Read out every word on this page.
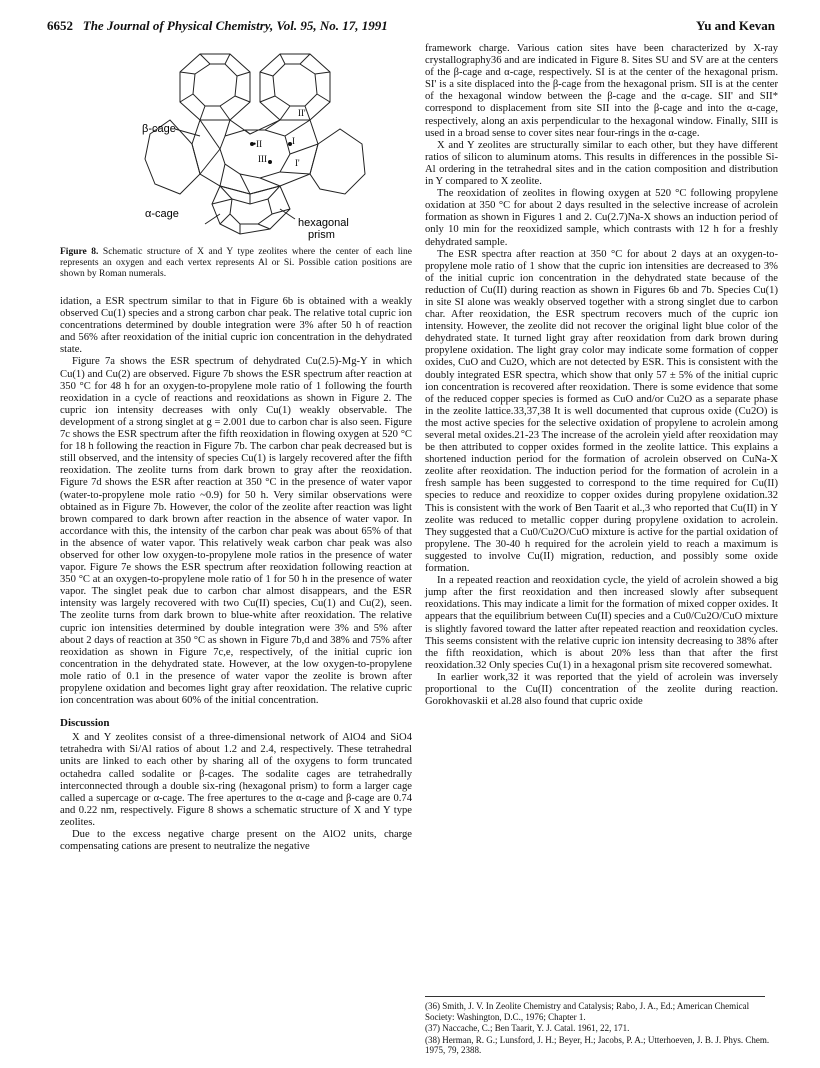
6652 The Journal of Physical Chemistry, Vol. 95, No. 17, 1991	Yu and Kevan
β-cage
α-cage
hexagonal
prism
•II
II'
I'
III
I
Figure 8. Schematic structure of X and Y type zeolites where the center of each line represents an oxygen and each vertex represents Al or Si. Possible cation positions are shown by Roman numerals.

idation, a ESR spectrum similar to that in Figure 6b is obtained with a weakly observed Cu(1) species and a strong carbon char peak. The relative total cupric ion concentrations determined by double integration were 3% after 50 h of reaction and 56% after reoxidation of the initial cupric ion concentration in the dehydrated state.

Figure 7a shows the ESR spectrum of dehydrated Cu(2.5)-Mg-Y in which Cu(1) and Cu(2) are observed. Figure 7b shows the ESR spectrum after reaction at 350 °C for 48 h for an oxygen-to-propylene mole ratio of 1 following the fourth reoxidation in a cycle of reactions and reoxidations as shown in Figure 2. The cupric ion intensity decreases with only Cu(1) weakly observable. The development of a strong singlet at g = 2.001 due to carbon char is also seen. Figure 7c shows the ESR spectrum after the fifth reoxidation in flowing oxygen at 520 °C for 18 h following the reaction in Figure 7b. The carbon char peak decreased but is still observed, and the intensity of species Cu(1) is largely recovered after the fifth reoxidation. The zeolite turns from dark brown to gray after the reoxidation. Figure 7d shows the ESR after reaction at 350 °C in the presence of water vapor (water-to-propylene mole ratio ~0.9) for 50 h. Very similar observations were obtained as in Figure 7b. However, the color of the zeolite after reaction was light brown compared to dark brown after reaction in the absence of water vapor. In accordance with this, the intensity of the carbon char peak was about 65% of that in the absence of water vapor. This relatively weak carbon char peak was also observed for other low oxygen-to-propylene mole ratios in the presence of water vapor. Figure 7e shows the ESR spectrum after reoxidation following reaction at 350 °C at an oxygen-to-propylene mole ratio of 1 for 50 h in the presence of water vapor. The singlet peak due to carbon char almost disappears, and the ESR intensity was largely recovered with two Cu(II) species, Cu(1) and Cu(2), seen. The zeolite turns from dark brown to blue-white after reoxidation. The relative cupric ion intensities determined by double integration were 3% and 5% after about 2 days of reaction at 350 °C as shown in Figure 7b,d and 38% and 75% after reoxidation as shown in Figure 7c,e, respectively, of the initial cupric ion concentration in the dehydrated state. However, at the low oxygen-to-propylene mole ratio of 0.1 in the presence of water vapor the zeolite is brown after propylene oxidation and becomes light gray after reoxidation. The relative cupric ion concentration was about 60% of the initial concentration.

Discussion

X and Y zeolites consist of a three-dimensional network of AlO4 and SiO4 tetrahedra with Si/Al ratios of about 1.2 and 2.4, respectively. These tetrahedral units are linked to each other by sharing all of the oxygens to form truncated octahedra called sodalite or β-cages. The sodalite cages are tetrahedrally interconnected through a double six-ring (hexagonal prism) to form a larger cage called a supercage or α-cage. The free apertures to the α-cage and β-cage are 0.74 and 0.22 nm, respectively. Figure 8 shows a schematic structure of X and Y type zeolites.

Due to the excess negative charge present on the AlO2 units, charge compensating cations are present to neutralize the negative

framework charge. Various cation sites have been characterized by X-ray crystallography36 and are indicated in Figure 8. Sites SU and SV are at the centers of the β-cage and α-cage, respectively. SI is at the center of the hexagonal prism. SI' is a site displaced into the β-cage from the hexagonal prism. SII is at the center of the hexagonal window between the β-cage and the α-cage. SII' and SII* correspond to displacement from site SII into the β-cage and into the α-cage, respectively, along an axis perpendicular to the hexagonal window. Finally, SIII is used in a broad sense to cover sites near four-rings in the α-cage.

X and Y zeolites are structurally similar to each other, but they have different ratios of silicon to aluminum atoms. This results in differences in the possible Si-Al ordering in the tetrahedral sites and in the cation composition and distribution in Y compared to X zeolite.

The reoxidation of zeolites in flowing oxygen at 520 °C following propylene oxidation at 350 °C for about 2 days resulted in the selective increase of acrolein formation as shown in Figures 1 and 2. Cu(2.7)Na-X shows an induction period of only 10 min for the reoxidized sample, which contrasts with 12 h for a freshly dehydrated sample.

The ESR spectra after reaction at 350 °C for about 2 days at an oxygen-to-propylene mole ratio of 1 show that the cupric ion intensities are decreased to 3% of the initial cupric ion concentration in the dehydrated state because of the reduction of Cu(II) during reaction as shown in Figures 6b and 7b. Species Cu(1) in site SI alone was weakly observed together with a strong singlet due to carbon char. After reoxidation, the ESR spectrum recovers much of the cupric ion intensity. However, the zeolite did not recover the original light blue color of the dehydrated state. It turned light gray after reoxidation from dark brown during propylene oxidation. The light gray color may indicate some formation of copper oxides, CuO and Cu2O, which are not detected by ESR. This is consistent with the doubly integrated ESR spectra, which show that only 57 ± 5% of the initial cupric ion concentration is recovered after reoxidation. There is some evidence that some of the reduced copper species is formed as CuO and/or Cu2O as a separate phase in the zeolite lattice.33,37,38 It is well documented that cuprous oxide (Cu2O) is the most active species for the selective oxidation of propylene to acrolein among several metal oxides.21-23 The increase of the acrolein yield after reoxidation may be then attributed to copper oxides formed in the zeolite lattice. This explains a shortened induction period for the formation of acrolein observed on CuNa-X zeolite after reoxidation. The induction period for the formation of acrolein in a fresh sample has been suggested to correspond to the time required for Cu(II) species to reduce and reoxidize to copper oxides during propylene oxidation.32 This is consistent with the work of Ben Taarit et al.,3 who reported that Cu(II) in Y zeolite was reduced to metallic copper during propylene oxidation to acrolein. They suggested that a Cu0/Cu2O/CuO mixture is active for the partial oxidation of propylene. The 30-40 h required for the acrolein yield to reach a maximum is suggested to involve Cu(II) migration, reduction, and possibly some oxide formation.

In a repeated reaction and reoxidation cycle, the yield of acrolein showed a big jump after the first reoxidation and then increased slowly after subsequent reoxidations. This may indicate a limit for the formation of mixed copper oxides. It appears that the equilibrium between Cu(II) species and a Cu0/Cu2O/CuO mixture is slightly favored toward the latter after repeated reaction and reoxidation cycles. This seems consistent with the relative cupric ion intensity decreasing to 38% after the fifth reoxidation, which is about 20% less than that after the first reoxidation.32 Only species Cu(1) in a hexagonal prism site recovered somewhat.

In earlier work,32 it was reported that the yield of acrolein was inversely proportional to the Cu(II) concentration of the zeolite during reaction. Gorokhovaskii et al.28 also found that cupric oxide

(36) Smith, J. V. In Zeolite Chemistry and Catalysis; Rabo, J. A., Ed.; American Chemical Society: Washington, D.C., 1976; Chapter 1.

(37) Naccache, C.; Ben Taarit, Y. J. Catal. 1961, 22, 171.

(38) Herman, R. G.; Lunsford, J. H.; Beyer, H.; Jacobs, P. A.; Utterhoeven, J. B. J. Phys. Chem. 1975, 79, 2388.
